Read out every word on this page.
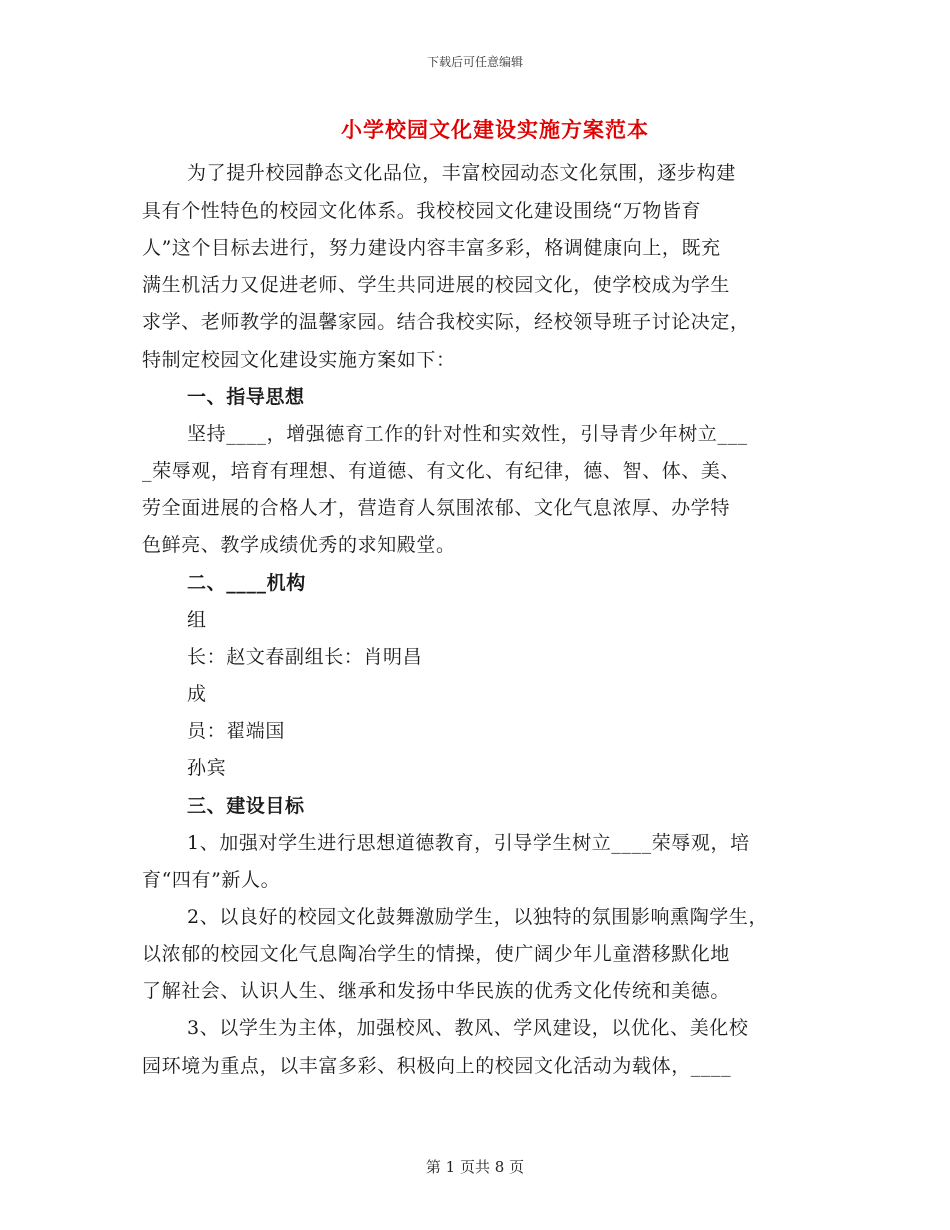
下载后可任意编辑
小学校园文化建设实施方案范本
为了提升校园静态文化品位，丰富校园动态文化氛围，逐步构建
具有个性特色的校园文化体系。我校校园文化建设围绕“万物皆育
人”这个目标去进行，努力建设内容丰富多彩，格调健康向上，既充
满生机活力又促进老师、学生共同进展的校园文化，使学校成为学生
求学、老师教学的温馨家园。结合我校实际，经校领导班子讨论决定，
特制定校园文化建设实施方案如下：
一、指导思想
坚持____，增强德育工作的针对性和实效性，引导青少年树立___
_荣辱观，培育有理想、有道德、有文化、有纪律，德、智、体、美、
劳全面进展的合格人才，营造育人氛围浓郁、文化气息浓厚、办学特
色鲜亮、教学成绩优秀的求知殿堂。
二、____机构
组
长：赵文春副组长：肖明昌
成
员：翟端国
孙宾
三、建设目标
1、加强对学生进行思想道德教育，引导学生树立____荣辱观，培
育“四有”新人。
2、以良好的校园文化鼓舞激励学生，以独特的氛围影响熏陶学生，
以浓郁的校园文化气息陶冶学生的情操，使广阔少年儿童潜移默化地
了解社会、认识人生、继承和发扬中华民族的优秀文化传统和美德。
3、以学生为主体，加强校风、教风、学风建设，以优化、美化校
园环境为重点，以丰富多彩、积极向上的校园文化活动为载体，____
第 1 页共 8 页
